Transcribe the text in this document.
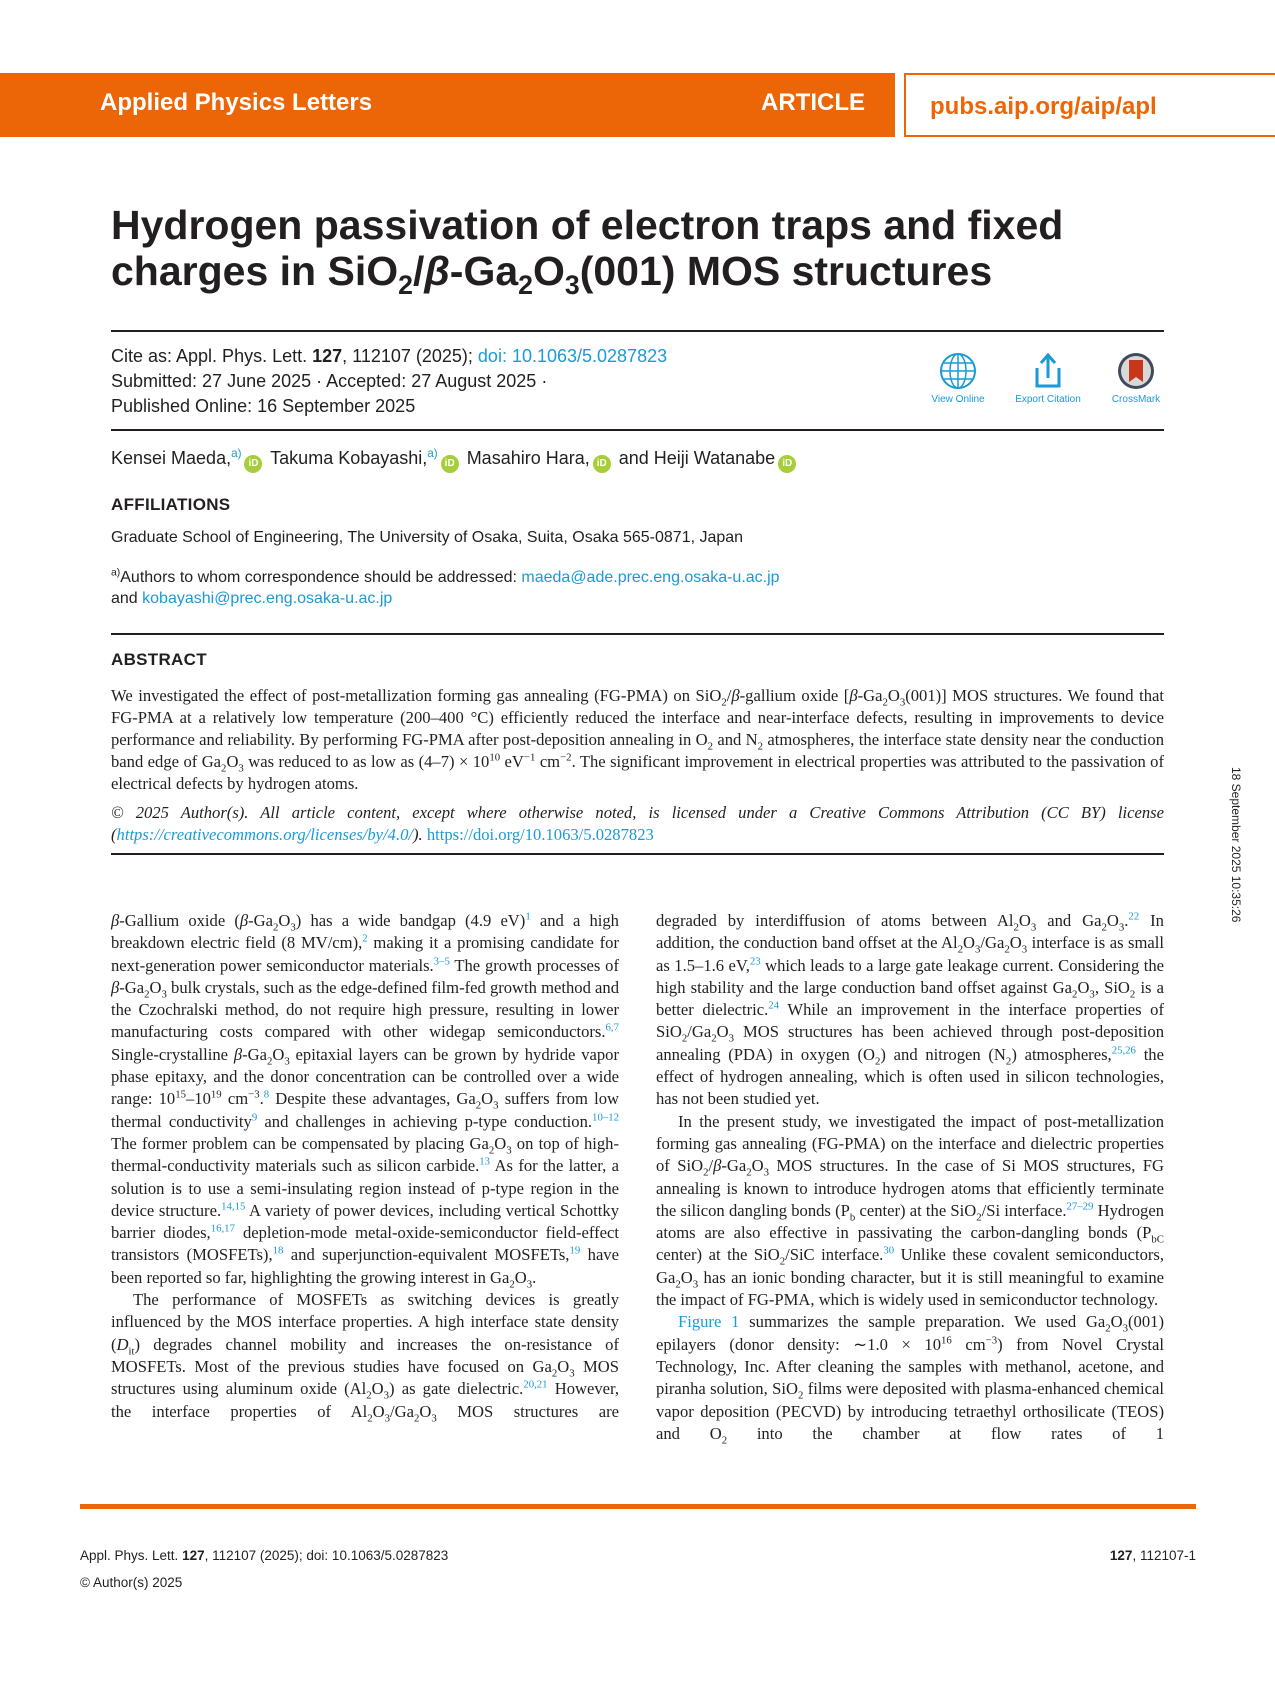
Applied Physics Letters	ARTICLE	pubs.aip.org/aip/apl
Hydrogen passivation of electron traps and fixed
charges in $SiO_2/\beta-Ga_2O_3(001)$ MOS structures
Cite as: Appl. Phys. Lett. 127, 112107 (2025); doi: 10.1063/5.0287823
Submitted: 27 June 2025 · Accepted: 27 August 2025 ·
Published Online: 16 September 2025	View Online	Export Citation	CrossMark
Kensei Maeda,$^{a)}$iD Takuma Kobayashi,$^{a)}$iD Masahiro Hara, iD and Heiji Watanabe iD
AFFILIATIONS
Graduate School of Engineering, The University of Osaka, Suita, Osaka 565-0871, Japan
$^{a)}$Authors to whom correspondence should be addressed: maeda@ade.prec.eng.osaka-u.ac.jp
and kobayashi@prec.eng.osaka-u.ac.jp
ABSTRACT
We investigated the effect of post-metallization forming gas annealing (FG-PMA) on SiO$_2$/β-gallium oxide $[\beta-Ga_2O_3(001)]$ MOS structures. We found that FG-PMA at a relatively low temperature (200–400 °C) efficiently reduced the interface and near-interface defects, resulting in improvements to device performance and reliability. By performing FG-PMA after post-deposition annealing in $O_2$ and $N_2$ atmospheres, the interface state density near the conduction band edge of $Ga_2O_3$ was reduced to as low as $(4-7) \times 10^{10}$ $eV^{-1}$ $cm^{-2}$. The significant improvement in electrical properties was attributed to the passivation of electrical defects by hydrogen atoms.
© 2025 Author(s). All article content, except where otherwise noted, is licensed under a Creative Commons Attribution (CC BY) license (https://creativecommons.org/licenses/by/4.0/). https://doi.org/10.1063/5.0287823

β-Gallium oxide $(\beta-Ga_2O_3)$ has a wide bandgap (4.9 eV)$^1$ and a high breakdown electric field (8 MV/cm),$^2$ making it a promising candidate for next-generation power semiconductor materials.$^{3-5}$ The growth processes of $\beta-Ga_2O_3$ bulk crystals, such as the edge-defined film-fed growth method and the Czochralski method, do not require high pressure, resulting in lower manufacturing costs compared with other widegap semiconductors.$^{6,7}$ Single-crystalline $\beta-Ga_2O_3$ epitaxial layers can be grown by hydride vapor phase epitaxy, and the donor concentration can be controlled over a wide range: $10^{15}-10^{19}$ $cm^{-3}.^8$ Despite these advantages, $Ga_2O_3$ suffers from low thermal conductivity$^9$ and challenges in achieving p-type conduction.$^{10-12}$ The former problem can be compensated by placing $Ga_2O_3$ on top of high-thermal-conductivity materials such as silicon carbide.$^{13}$ As for the latter, a solution is to use a semi-insulating region instead of p-type region in the device structure.$^{14,15}$ A variety of power devices, including vertical Schottky barrier diodes,$^{16,17}$ depletion-mode metal-oxide-semiconductor field-effect transistors (MOSFETs),$^{18}$ and superjunction-equivalent MOSFETs,$^{19}$ have been reported so far, highlighting the growing interest in $Ga_2O_3$.

The performance of MOSFETs as switching devices is greatly influenced by the MOS interface properties. A high interface state density $(D_{it})$ degrades channel mobility and increases the on-resistance of MOSFETs. Most of the previous studies have focused on $Ga_2O_3$ MOS structures using aluminum oxide $(Al_2O_3)$ as gate dielectric.$^{20,21}$ However, the interface properties of $Al_2O_3/Ga_2O_3$ MOS structures are

degraded by interdiffusion of atoms between $Al_2O_3$ and $Ga_2O_3.^{22}$ In addition, the conduction band offset at the $Al_2O_3/Ga_2O_3$ interface is as small as 1.5–1.6 eV,$^{23}$ which leads to a large gate leakage current. Considering the high stability and the large conduction band offset against $Ga_2O_3$, SiO$_2$ is a better dielectric.$^{24}$ While an improvement in the interface properties of $SiO_2/Ga_2O_3$ MOS structures has been achieved through post-deposition annealing (PDA) in oxygen $(O_2)$ and nitrogen $(N_2)$ atmospheres,$^{25,26}$ the effect of hydrogen annealing, which is often used in silicon technologies, has not been studied yet.

In the present study, we investigated the impact of post-metallization forming gas annealing (FG-PMA) on the interface and dielectric properties of $SiO_2/\beta-Ga_2O_3$ MOS structures. In the case of Si MOS structures, FG annealing is known to introduce hydrogen atoms that efficiently terminate the silicon dangling bonds ($P_b$ center) at the SiO$_2$/Si interface.$^{27-29}$ Hydrogen atoms are also effective in passivating the carbon-dangling bonds ($P_{bC}$ center) at the SiO$_2$/SiC interface.$^{30}$ Unlike these covalent semiconductors, $Ga_2O_3$ has an ionic bonding character, but it is still meaningful to examine the impact of FG-PMA, which is widely used in semiconductor technology.

Figure 1 summarizes the sample preparation. We used $Ga_2O_3(001)$ epilayers (donor density: ∼1.0 × $10^{16}$ $cm^{-3}$) from Novel Crystal Technology, Inc. After cleaning the samples with methanol, acetone, and piranha solution, SiO$_2$ films were deposited with plasma-enhanced chemical vapor deposition (PECVD) by introducing tetraethyl orthosilicate (TEOS) and $O_2$ into the chamber at flow rates of 1

18 September 2025 10:35:26
Appl. Phys. Lett. 127, 112107 (2025); doi: 10.1063/5.0287823
© Author(s) 2025
127, 112107-1
